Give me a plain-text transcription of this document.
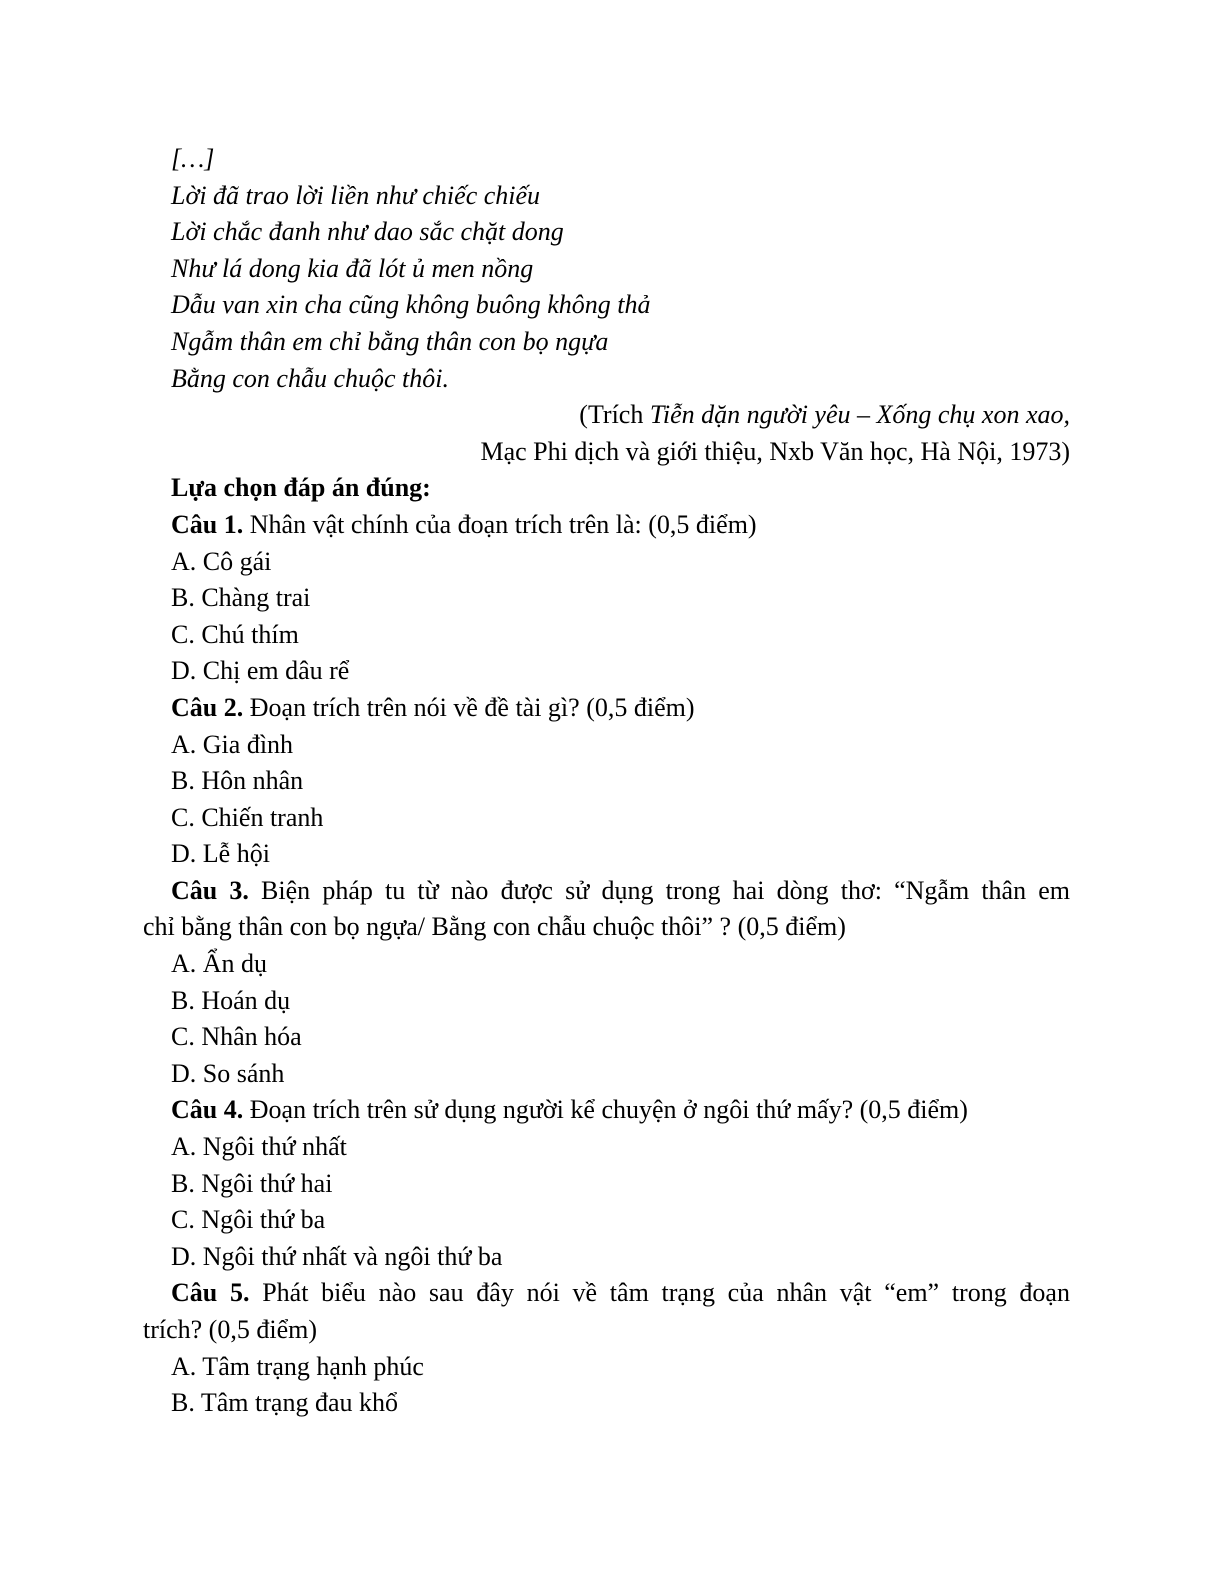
[…]
Lời đã trao lời liền như chiếc chiếu
Lời chắc đanh như dao sắc chặt dong
Như lá dong kia đã lót ủ men nồng
Dẫu van xin cha cũng không buông không thả
Ngẫm thân em chỉ bằng thân con bọ ngựa
Bằng con chẫu chuộc thôi.
(Trích Tiễn dặn người yêu – Xống chụ xon xao,
Mạc Phi dịch và giới thiệu, Nxb Văn học, Hà Nội, 1973)
Lựa chọn đáp án đúng:
Câu 1. Nhân vật chính của đoạn trích trên là: (0,5 điểm)
A. Cô gái
B. Chàng trai
C. Chú thím
D. Chị em dâu rể
Câu 2. Đoạn trích trên nói về đề tài gì? (0,5 điểm)
A. Gia đình
B. Hôn nhân
C. Chiến tranh
D. Lễ hội
Câu 3. Biện pháp tu từ nào được sử dụng trong hai dòng thơ: “Ngẫm thân em
chỉ bằng thân con bọ ngựa/ Bằng con chẫu chuộc thôi” ? (0,5 điểm)
A. Ẩn dụ
B. Hoán dụ
C. Nhân hóa
D. So sánh
Câu 4. Đoạn trích trên sử dụng người kể chuyện ở ngôi thứ mấy? (0,5 điểm)
A. Ngôi thứ nhất
B. Ngôi thứ hai
C. Ngôi thứ ba
D. Ngôi thứ nhất và ngôi thứ ba
Câu 5. Phát biểu nào sau đây nói về tâm trạng của nhân vật “em” trong đoạn
trích? (0,5 điểm)
A. Tâm trạng hạnh phúc
B. Tâm trạng đau khổ
